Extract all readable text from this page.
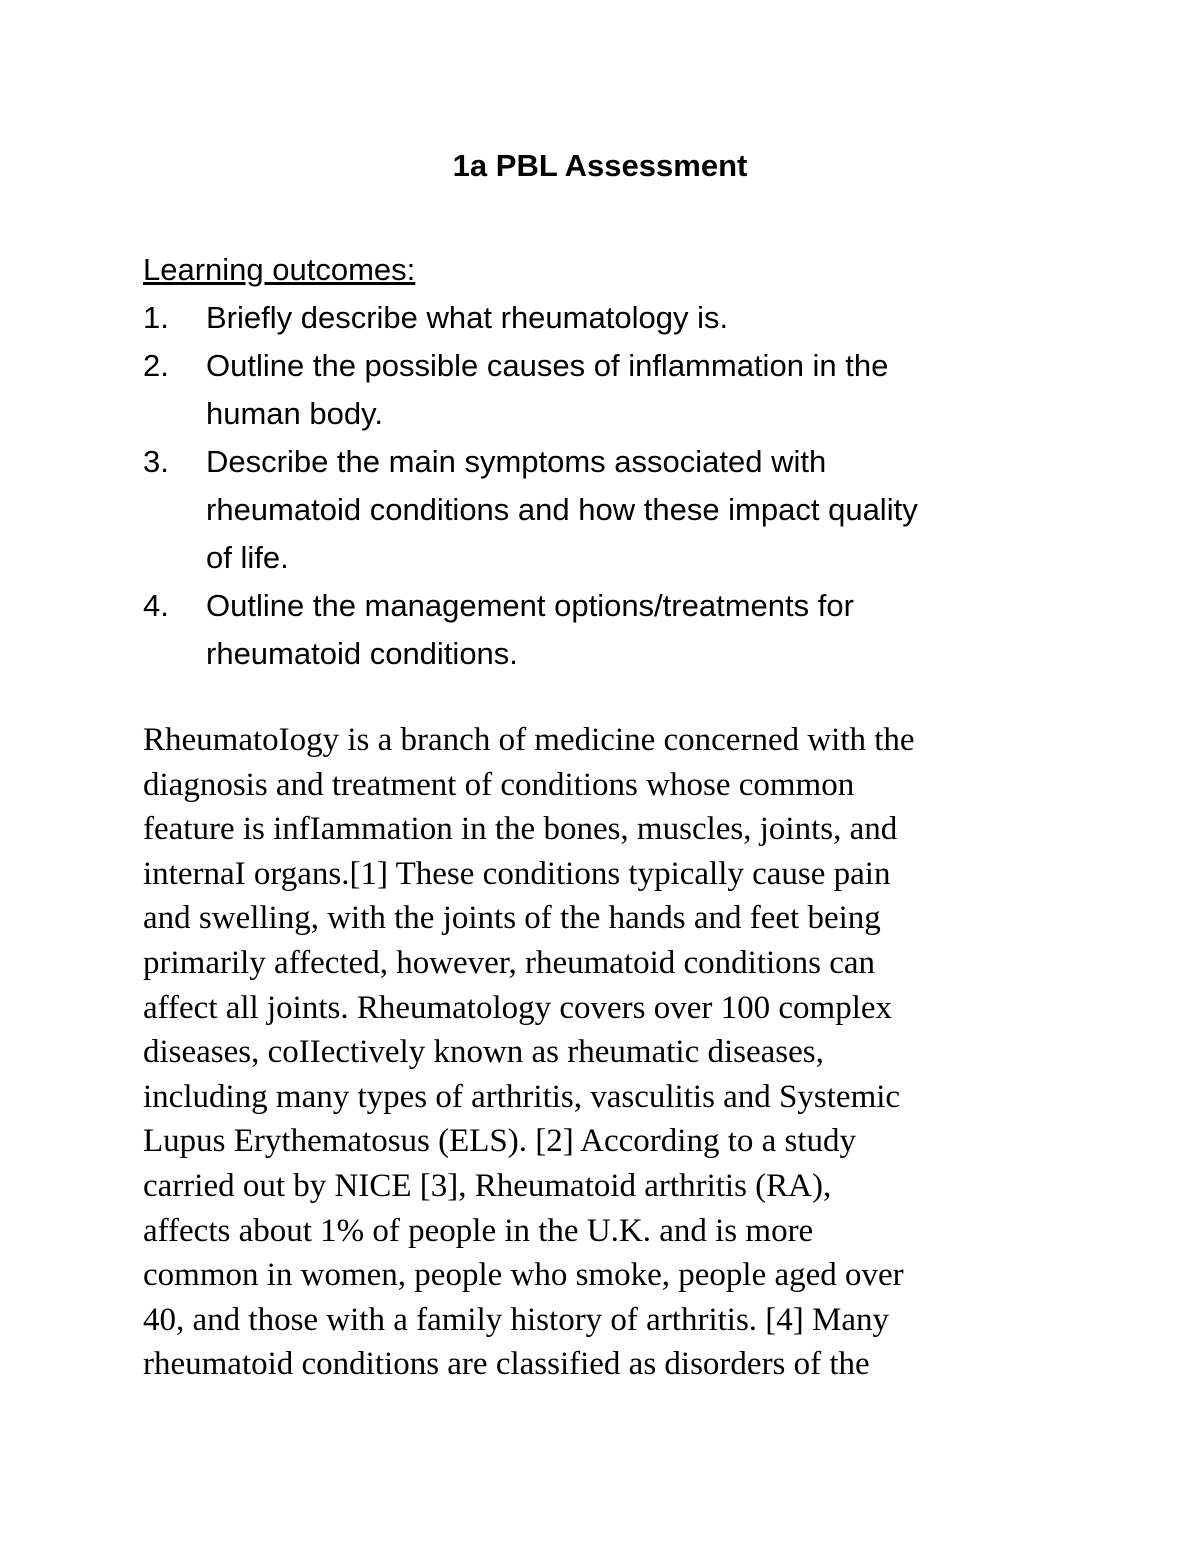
1a PBL Assessment

Learning outcomes:

1. Briefly describe what rheumatology is.
2. Outline the possible causes of inflammation in the
human body.
3. Describe the main symptoms associated with
rheumatoid conditions and how these impact quality
of life.
4. Outline the management options/treatments for
rheumatoid conditions.

RheumatoIogy is a branch of medicine concerned with the
diagnosis and treatment of conditions whose common
feature is infIammation in the bones, muscles, joints, and
internaI organs.[1] These conditions typically cause pain
and swelling, with the joints of the hands and feet being
primarily affected, however, rheumatoid conditions can
affect all joints. Rheumatology covers over 100 complex
diseases, coIIectively known as rheumatic diseases,
including many types of arthritis, vasculitis and Systemic
Lupus Erythematosus (ELS). [2] According to a study
carried out by NICE [3], Rheumatoid arthritis (RA),
affects about 1% of people in the U.K. and is more
common in women, people who smoke, people aged over
40, and those with a family history of arthritis. [4] Many
rheumatoid conditions are classified as disorders of the
